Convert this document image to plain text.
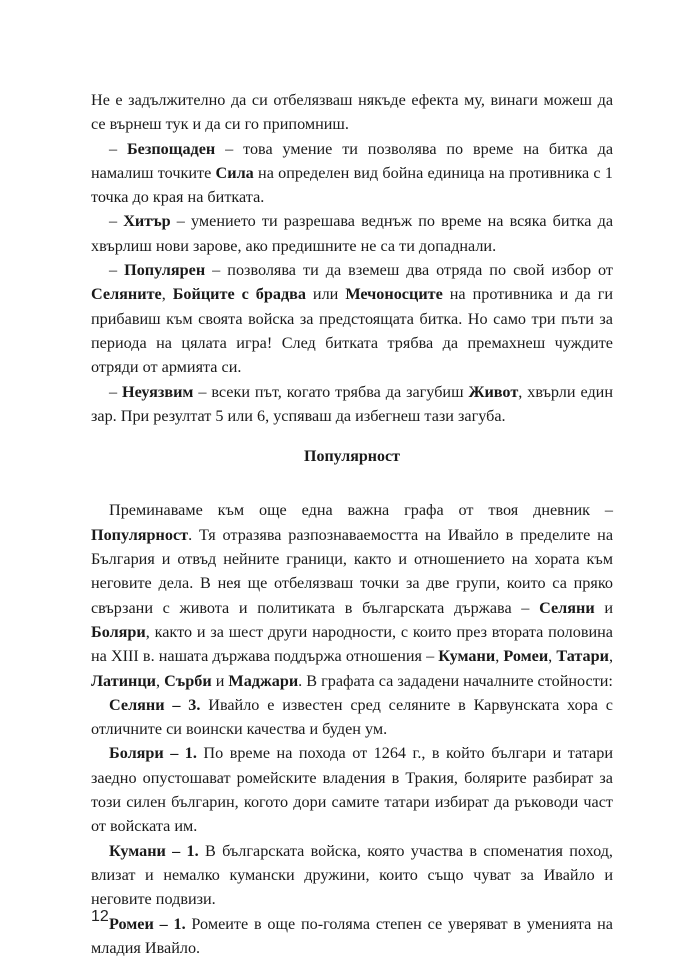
Не е задължително да си отбелязваш някъде ефекта му, винаги можеш да се върнеш тук и да си го припомниш.

– Безпощаден – това умение ти позволява по време на битка да намалиш точките Сила на определен вид бойна единица на противника с 1 точка до края на битката.

– Хитър – умението ти разрешава веднъж по време на всяка битка да хвърлиш нови зарове, ако предишните не са ти допаднали.

– Популярен – позволява ти да вземеш два отряда по свой избор от Селяните, Бойците с брадва или Мечоносците на противника и да ги прибавиш към своята войска за предстоящата битка. Но само три пъти за периода на цялата игра! След битката трябва да премахнеш чуждите отряди от армията си.

– Неуязвим – всеки път, когато трябва да загубиш Живот, хвърли един зар. При резултат 5 или 6, успяваш да избегнеш тази загуба.

Популярност

Преминаваме към още една важна графа от твоя дневник – Популярност. Тя отразява разпознаваемостта на Ивайло в пределите на България и отвъд нейните граници, както и отношението на хората към неговите дела. В нея ще отбелязваш точки за две групи, които са пряко свързани с живота и политиката в българската държава – Селяни и Боляри, както и за шест други народности, с които през втората половина на XIII в. нашата държава поддържа отношения – Кумани, Ромеи, Татари, Латинци, Сърби и Маджари. В графата са зададени началните стойности:

Селяни – 3. Ивайло е известен сред селяните в Карвунската хора с отличните си воински качества и буден ум.

Боляри – 1. По време на похода от 1264 г., в който българи и татари заедно опустошават ромейските владения в Тракия, болярите разбират за този силен българин, когото дори самите татари избират да ръководи част от войската им.

Кумани – 1. В българската войска, която участва в споменатия поход, влизат и немалко кумански дружини, които също чуват за Ивайло и неговите подвизи.

Ромеи – 1. Ромеите в още по-голяма степен се уверяват в уменията на младия Ивайло.

12
